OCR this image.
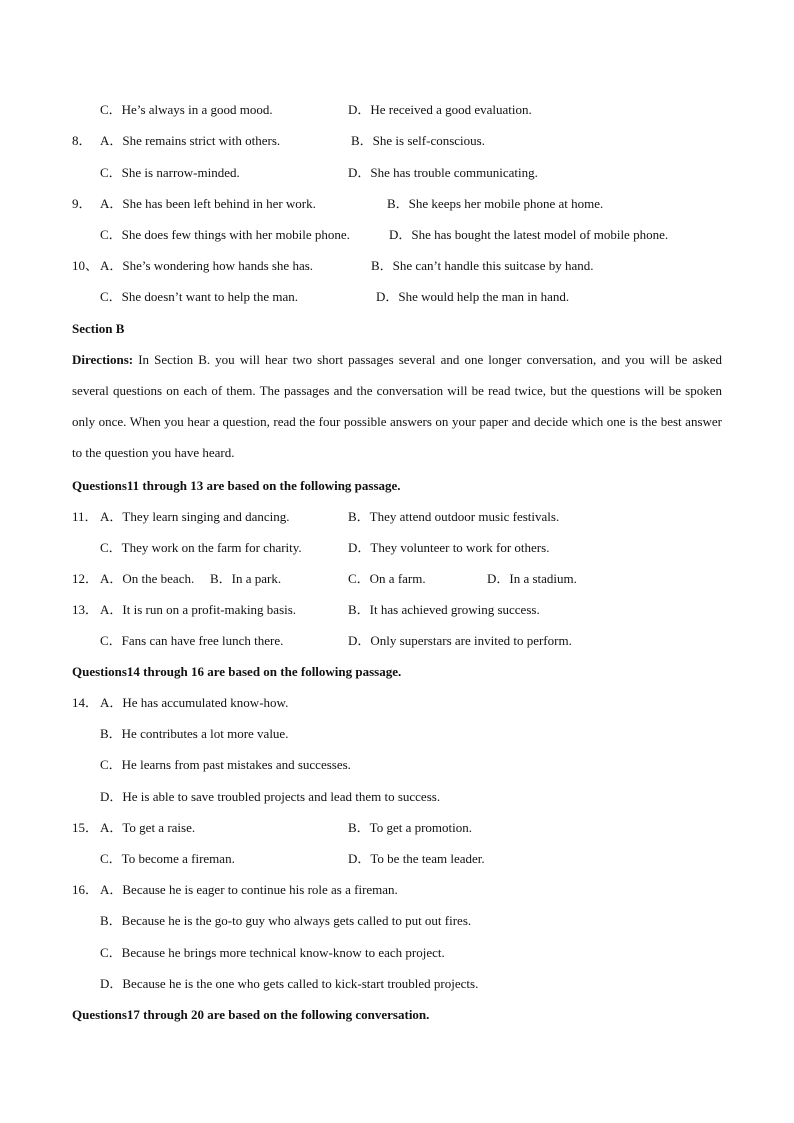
C．He’s always in a good mood.	D．He received a good evaluation.
8． A．She remains strict with others.	B．She is self-conscious.
C．She is narrow-minded.	D．She has trouble communicating.
9． A．She has been left behind in her work.	B．She keeps her mobile phone at home.
C．She does few things with her mobile phone.	D．She has bought the latest model of mobile phone.
10、 A．She’s wondering how hands she has.	B．She can’t handle this suitcase by hand.
C．She doesn’t want to help the man.	D．She would help the man in hand.
Section B
Directions: In Section B. you will hear two short passages several and one longer conversation, and you will be asked several questions on each of them. The passages and the conversation will be read twice, but the questions will be spoken only once. When you hear a question, read the four possible answers on your paper and decide which one is the best answer to the question you have heard.
Questions11 through 13 are based on the following passage.
11． A．They learn singing and dancing.	B．They attend outdoor music festivals.
C．They work on the farm for charity.	D．They volunteer to work for others.
12． A．On the beach. B．In a park.	C．On a farm.	D．In a stadium.
13． A．It is run on a profit-making basis.	B．It has achieved growing success.
C．Fans can have free lunch there.	D．Only superstars are invited to perform.
Questions14 through 16 are based on the following passage.
14． A．He has accumulated know-how.
B．He contributes a lot more value.
C．He learns from past mistakes and successes.
D．He is able to save troubled projects and lead them to success.
15． A．To get a raise.	B．To get a promotion.
C．To become a fireman.	D．To be the team leader.
16． A．Because he is eager to continue his role as a fireman.
B．Because he is the go-to guy who always gets called to put out fires.
C．Because he brings more technical know-know to each project.
D．Because he is the one who gets called to kick-start troubled projects.
Questions17 through 20 are based on the following conversation.
